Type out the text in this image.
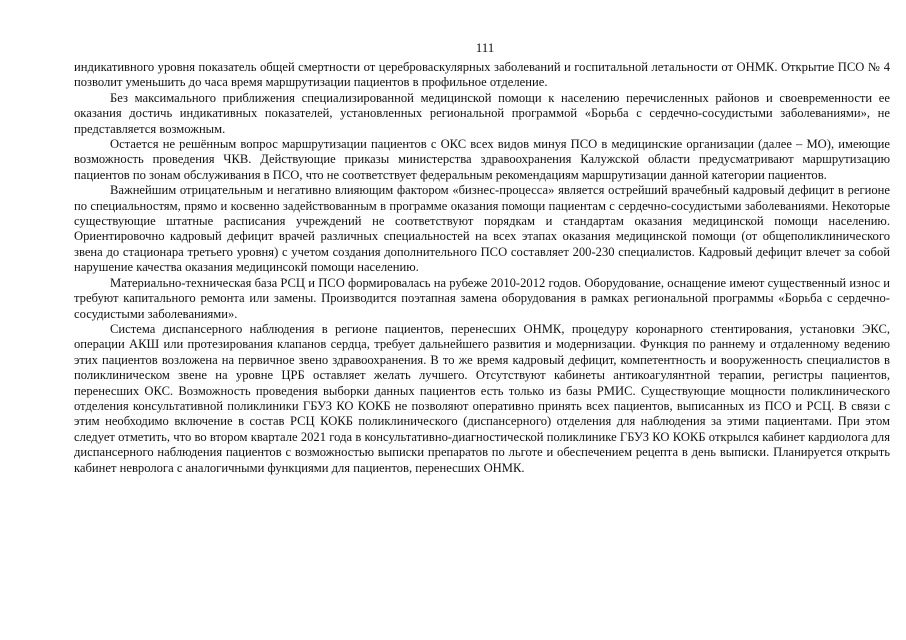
111

индикативного уровня показатель общей смертности от цереброваскулярных заболеваний и госпитальной летальности от ОНМК. Открытие ПСО № 4 позволит уменьшить до часа время маршрутизации пациентов в профильное отделение.

Без максимального приближения специализированной медицинской помощи к населению перечисленных районов и своевременности ее оказания достичь индикативных показателей, установленных региональной программой «Борьба с сердечно-сосудистыми заболеваниями», не представляется возможным.

Остается не решённым вопрос маршрутизации пациентов с ОКС всех видов минуя ПСО в медицинские организации (далее – МО), имеющие возможность проведения ЧКВ. Действующие приказы министерства здравоохранения Калужской области предусматривают маршрутизацию пациентов по зонам обслуживания в ПСО, что не соответствует федеральным рекомендациям маршрутизации данной категории пациентов.

Важнейшим отрицательным и негативно влияющим фактором «бизнес-процесса» является острейший врачебный кадровый дефицит в регионе по специальностям, прямо и косвенно задействованным в программе оказания помощи пациентам с сердечно-сосудистыми заболеваниями. Некоторые существующие штатные расписания учреждений не соответствуют порядкам и стандартам оказания медицинской помощи населению. Ориентировочно кадровый дефицит врачей различных специальностей на всех этапах оказания медицинской помощи (от общеполиклинического звена до стационара третьего уровня) с учетом создания дополнительного ПСО составляет 200-230 специалистов. Кадровый дефицит влечет за собой нарушение качества оказания медицинсокй помощи населению.

Материально-техническая база РСЦ и ПСО формировалась на рубеже 2010-2012 годов. Оборудование, оснащение имеют существенный износ и требуют капитального ремонта или замены. Производится поэтапная замена оборудования в рамках региональной программы «Борьба с сердечно-сосудистыми заболеваниями».

Система диспансерного наблюдения в регионе пациентов, перенесших ОНМК, процедуру коронарного стентирования, установки ЭКС, операции АКШ или протезирования клапанов сердца, требует дальнейшего развития и модернизации. Функция по раннему и отдаленному ведению этих пациентов возложена на первичное звено здравоохранения. В то же время кадровый дефицит, компетентность и вооруженность специалистов в поликлиническом звене на уровне ЦРБ оставляет желать лучшего. Отсутствуют кабинеты антикоагулянтной терапии, регистры пациентов, перенесших ОКС. Возможность проведения выборки данных пациентов есть только из базы РМИС. Существующие мощности поликлинического отделения консультативной поликлиники ГБУЗ КО КОКБ не позволяют оперативно принять всех пациентов, выписанных из ПСО и РСЦ. В связи с этим необходимо включение в состав РСЦ КОКБ поликлинического (диспансерного) отделения для наблюдения за этими пациентами. При этом следует отметить, что во втором квартале 2021 года в консультативно-диагностической поликлинике ГБУЗ КО КОКБ открылся кабинет кардиолога для диспансерного наблюдения пациентов с возможностью выписки препаратов по льготе и обеспечением рецепта в день выписки. Планируется открыть кабинет невролога с аналогичными функциями для пациентов, перенесших ОНМК.
